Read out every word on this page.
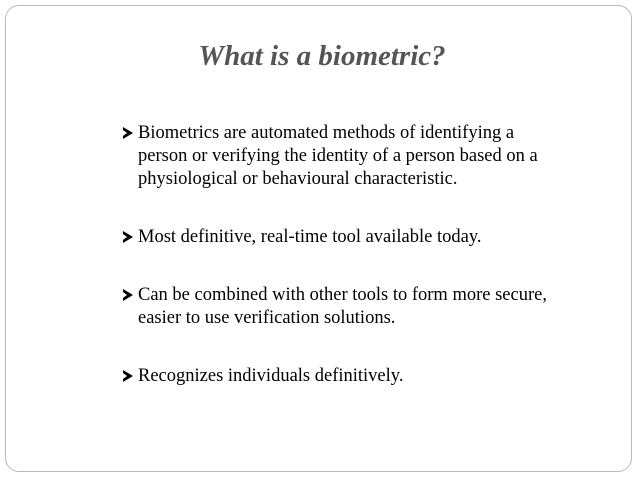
What is a biometric?
Biometrics are automated methods of identifying a
person or verifying the identity of a person based on a
physiological or behavioural characteristic.
Most definitive, real-time tool available today.
Can be combined with other tools to form more secure,
easier to use verification solutions.
Recognizes individuals definitively.
